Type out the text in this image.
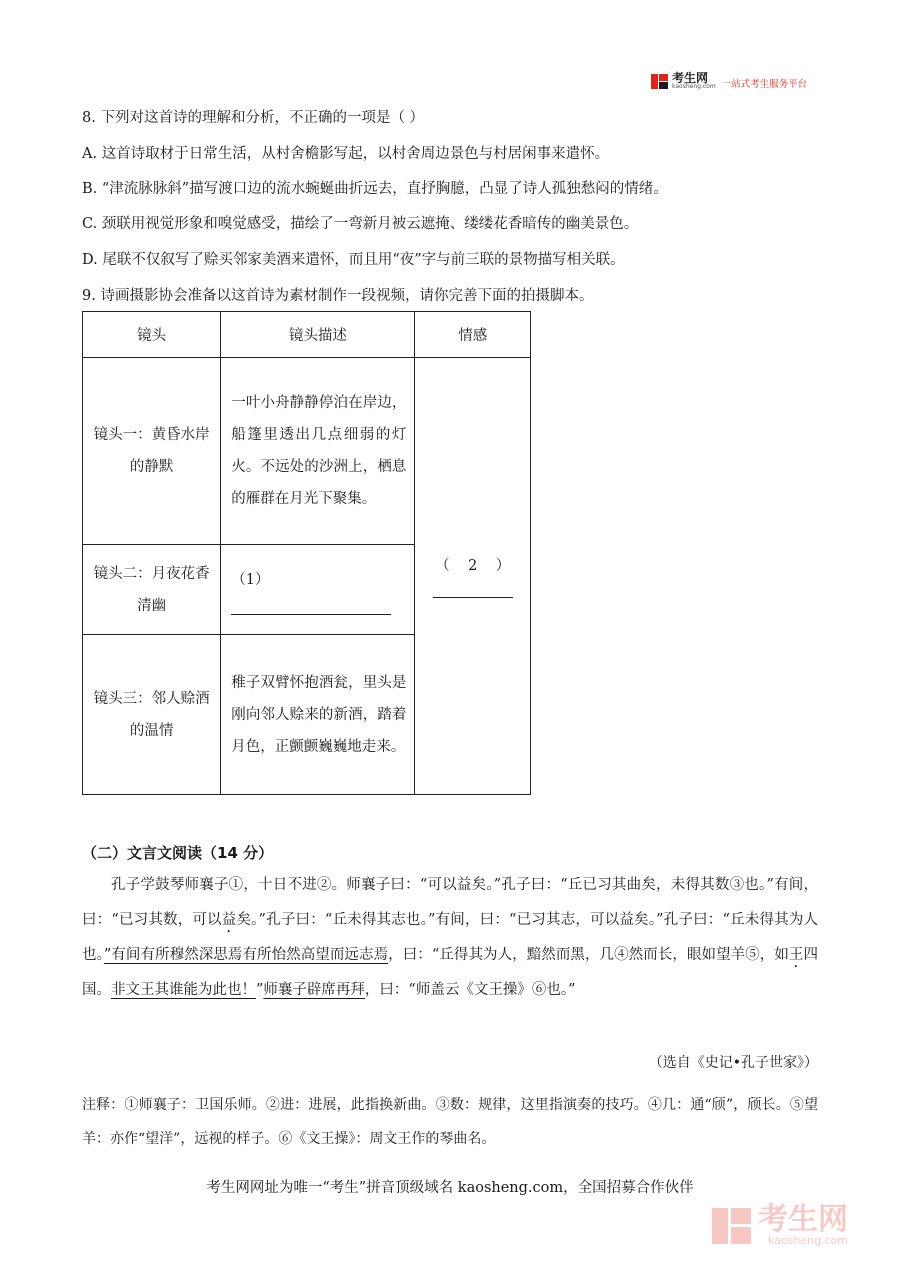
考生网
kaosheng.com 一站式考生服务平台
8. 下列对这首诗的理解和分析，不正确的一项是（ ）
A. 这首诗取材于日常生活，从村舍檐影写起，以村舍周边景色与村居闲事来遣怀。
B. “津流脉脉斜”描写渡口边的流水蜿蜒曲折远去，直抒胸臆，凸显了诗人孤独愁闷的情绪。
C. 颈联用视觉形象和嗅觉感受，描绘了一弯新月被云遮掩、缕缕花香暗传的幽美景色。
D. 尾联不仅叙写了赊买邻家美酒来遣怀，而且用“夜”字与前三联的景物描写相关联。
9. 诗画摄影协会准备以这首诗为素材制作一段视频，请你完善下面的拍摄脚本。
镜头	镜头描述	情感
镜头一：黄昏水岸的静默	一叶小舟静静停泊在岸边，船篷里透出几点细弱的灯火。不远处的沙洲上，栖息的雁群在月光下聚集。	（    2    ）

镜头二：月夜花香清幽	（1）	

镜头三：邻人赊酒的温情	稚子双臂怀抱酒瓮，里头是刚向邻人赊来的新酒，踏着月色，正颤颤巍巍地走来。	
（二）文言文阅读（14 分）

孔子学鼓琴师襄子①，十日不进②。师襄子曰：“可以益矣。”孔子曰：“丘已习其曲矣，未得其数③也。”有间，曰：“已习其数，可以益矣。”孔子曰：“丘未得其志也。”有间，曰：“已习其志，可以益矣。”孔子曰：“丘未得其为人也。”有间有所穆然深思焉有所怡然高望而远志焉，曰：“丘得其为人，黯然而黑，几④然而长，眼如望羊⑤，如王四国。非文王其谁能为此也！”师襄子辟席再拜，曰：“师盖云《文王操》⑥也。”

（选自《史记•孔子世家》）
注释：①师襄子：卫国乐师。②进：进展，此指换新曲。③数：规律，这里指演奏的技巧。④几：通“颀”，颀长。⑤望羊：亦作“望洋”，远视的样子。⑥《文王操》：周文王作的琴曲名。
考生网网址为唯一“考生”拼音顶级域名 kaosheng.com，全国招募合作伙伴
考生网
kaosheng.com
